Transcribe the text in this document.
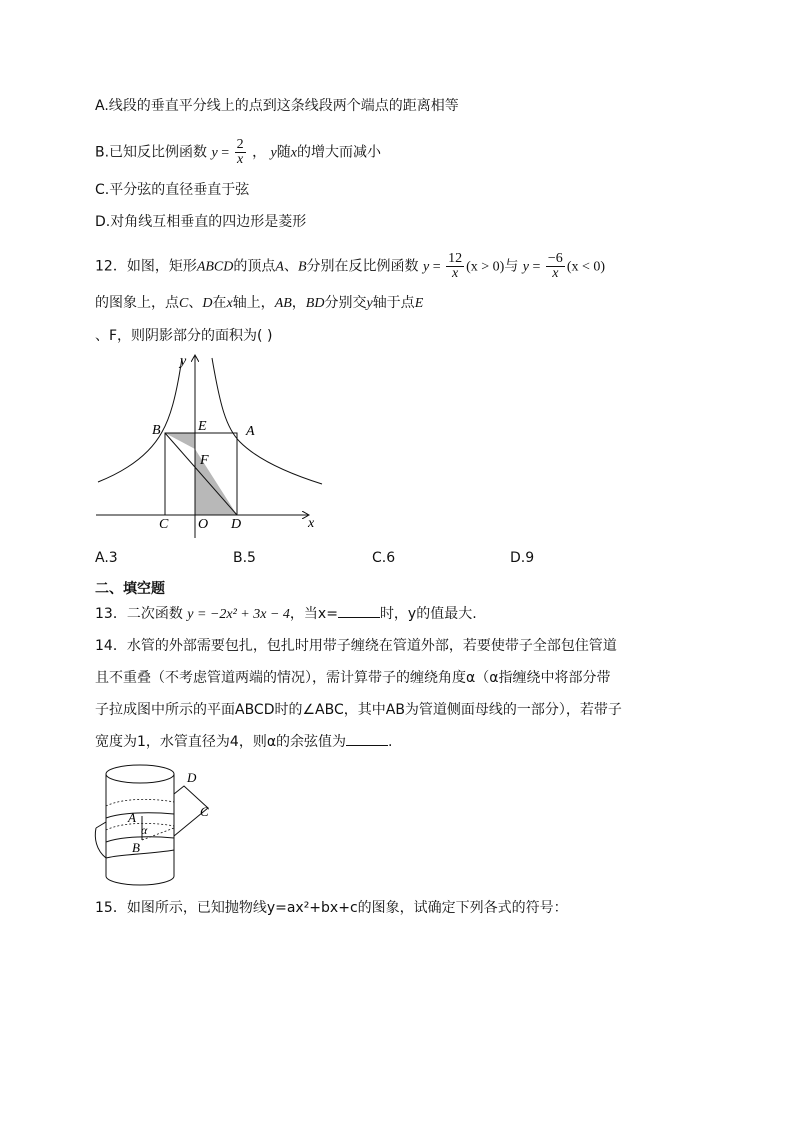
A.线段的垂直平分线上的点到这条线段两个端点的距离相等
B.已知反比例函数 $y = \frac{2}{x}$ ， y随x的增大而减小
C.平分弦的直径垂直于弦
D.对角线互相垂直的四边形是菱形
12．如图，矩形ABCD的顶点A、B分别在反比例函数 $y = \frac{12}{x} (x > 0)$与 $y = \frac{-6}{x} (x < 0)$
的图象上，点C、D在x轴上，AB，BD分别交y轴于点E
、F，则阴影部分的面积为( )
y
x
B	E	A
F
C O D
A.3	B.5	C.6	D.9
二、填空题
13．二次函数 y = −2x² + 3x − 4，当x=	时，y的值最大.
14．水管的外部需要包扎，包扎时用带子缠绕在管道外部，若要使带子全部包住管道
且不重叠（不考虑管道两端的情况），需计算带子的缠绕角度α（α指缠绕中将部分带
子拉成图中所示的平面ABCD时的∠ABC，其中AB为管道侧面母线的一部分），若带子
宽度为1，水管直径为4，则α的余弦值为	.
D
C
A
α
B
15．如图所示，已知抛物线y=ax²+bx+c的图象，试确定下列各式的符号：
